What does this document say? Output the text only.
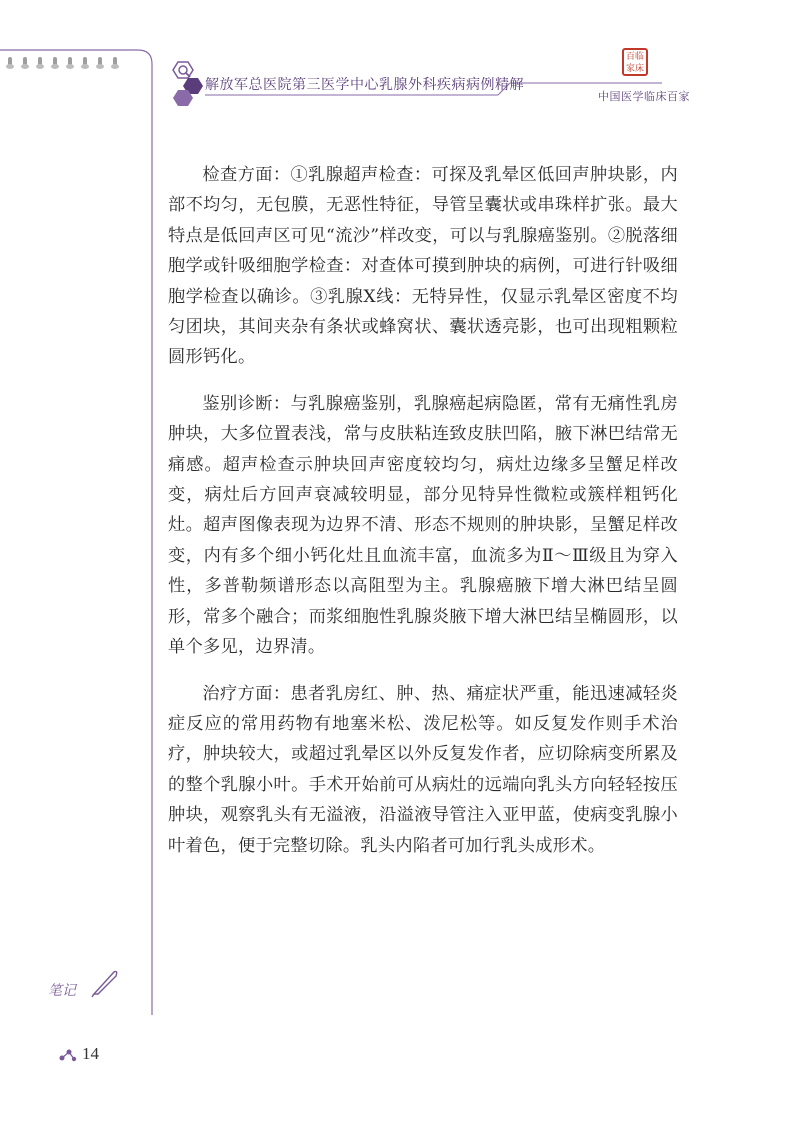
解放军总医院第三医学中心乳腺外科疾病病例精解
百临
家床
中国医学临床百家

检查方面：①乳腺超声检查：可探及乳晕区低回声肿块影，内部不均匀，无包膜，无恶性特征，导管呈囊状或串珠样扩张。最大特点是低回声区可见“流沙”样改变，可以与乳腺癌鉴别。②脱落细胞学或针吸细胞学检查：对查体可摸到肿块的病例，可进行针吸细胞学检查以确诊。③乳腺X线：无特异性，仅显示乳晕区密度不均匀团块，其间夹杂有条状或蜂窝状、囊状透亮影，也可出现粗颗粒圆形钙化。

鉴别诊断：与乳腺癌鉴别，乳腺癌起病隐匿，常有无痛性乳房肿块，大多位置表浅，常与皮肤粘连致皮肤凹陷，腋下淋巴结常无痛感。超声检查示肿块回声密度较均匀，病灶边缘多呈蟹足样改变，病灶后方回声衰减较明显，部分见特异性微粒或簇样粗钙化灶。超声图像表现为边界不清、形态不规则的肿块影，呈蟹足样改变，内有多个细小钙化灶且血流丰富，血流多为Ⅱ～Ⅲ级且为穿入性，多普勒频谱形态以高阻型为主。乳腺癌腋下增大淋巴结呈圆形，常多个融合；而浆细胞性乳腺炎腋下增大淋巴结呈椭圆形，以单个多见，边界清。

治疗方面：患者乳房红、肿、热、痛症状严重，能迅速减轻炎症反应的常用药物有地塞米松、泼尼松等。如反复发作则手术治疗，肿块较大，或超过乳晕区以外反复发作者，应切除病变所累及的整个乳腺小叶。手术开始前可从病灶的远端向乳头方向轻轻按压肿块，观察乳头有无溢液，沿溢液导管注入亚甲蓝，使病变乳腺小叶着色，便于完整切除。乳头内陷者可加行乳头成形术。

笔记
14
